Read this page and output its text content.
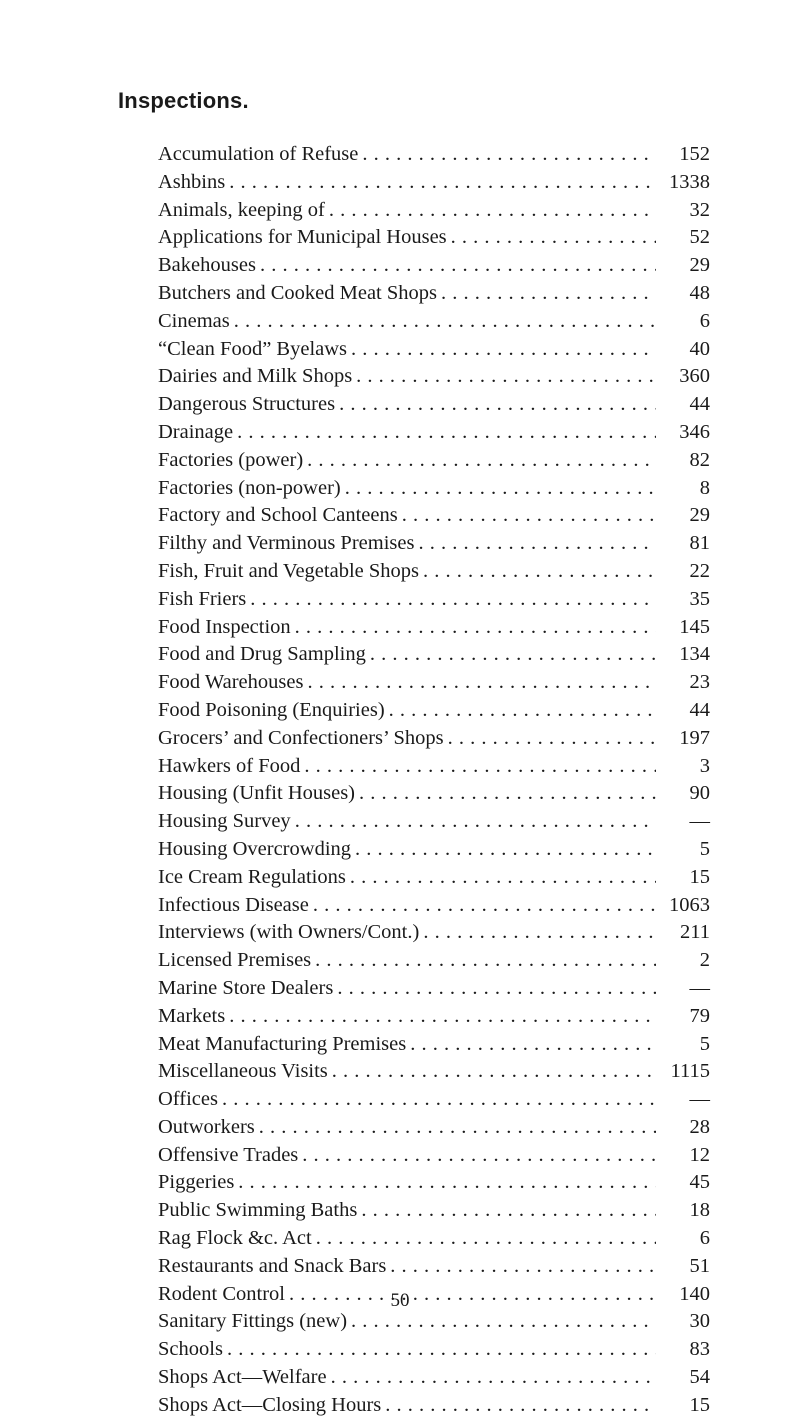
Inspections.
Accumulation of Refuse . . .	152
Ashbins . . .	1338
Animals, keeping of . . .	32
Applications for Municipal Houses . . .	52
Bakehouses . . .	29
Butchers and Cooked Meat Shops . . .	48
Cinemas . . .	6
“Clean Food” Byelaws . . .	40
Dairies and Milk Shops . . .	360
Dangerous Structures . . .	44
Drainage . . .	346
Factories (power) . . .	82
Factories (non-power) . . .	8
Factory and School Canteens . . .	29
Filthy and Verminous Premises . . .	81
Fish, Fruit and Vegetable Shops . . .	22
Fish Friers . . .	35
Food Inspection . . .	145
Food and Drug Sampling . . .	134
Food Warehouses . . .	23
Food Poisoning (Enquiries) . . .	44
Grocers’ and Confectioners’ Shops . . .	197
Hawkers of Food . . .	3
Housing (Unfit Houses) . . .	90
Housing Survey . . .	—
Housing Overcrowding . . .	5
Ice Cream Regulations . . .	15
Infectious Disease . . .	1063
Interviews (with Owners/Cont.) . . .	211
Licensed Premises . . .	2
Marine Store Dealers . . .	—
Markets . . .	79
Meat Manufacturing Premises . . .	5
Miscellaneous Visits . . .	1115
Offices . . .	—
Outworkers . . .	28
Offensive Trades . . .	12
Piggeries . . .	45
Public Swimming Baths . . .	18
Rag Flock &c. Act . . .	6
Restaurants and Snack Bars . . .	51
Rodent Control . . .	140
Sanitary Fittings (new) . . .	30
Schools . . .	83
Shops Act—Welfare . . .	54
Shops Act—Closing Hours . . .	15
50
